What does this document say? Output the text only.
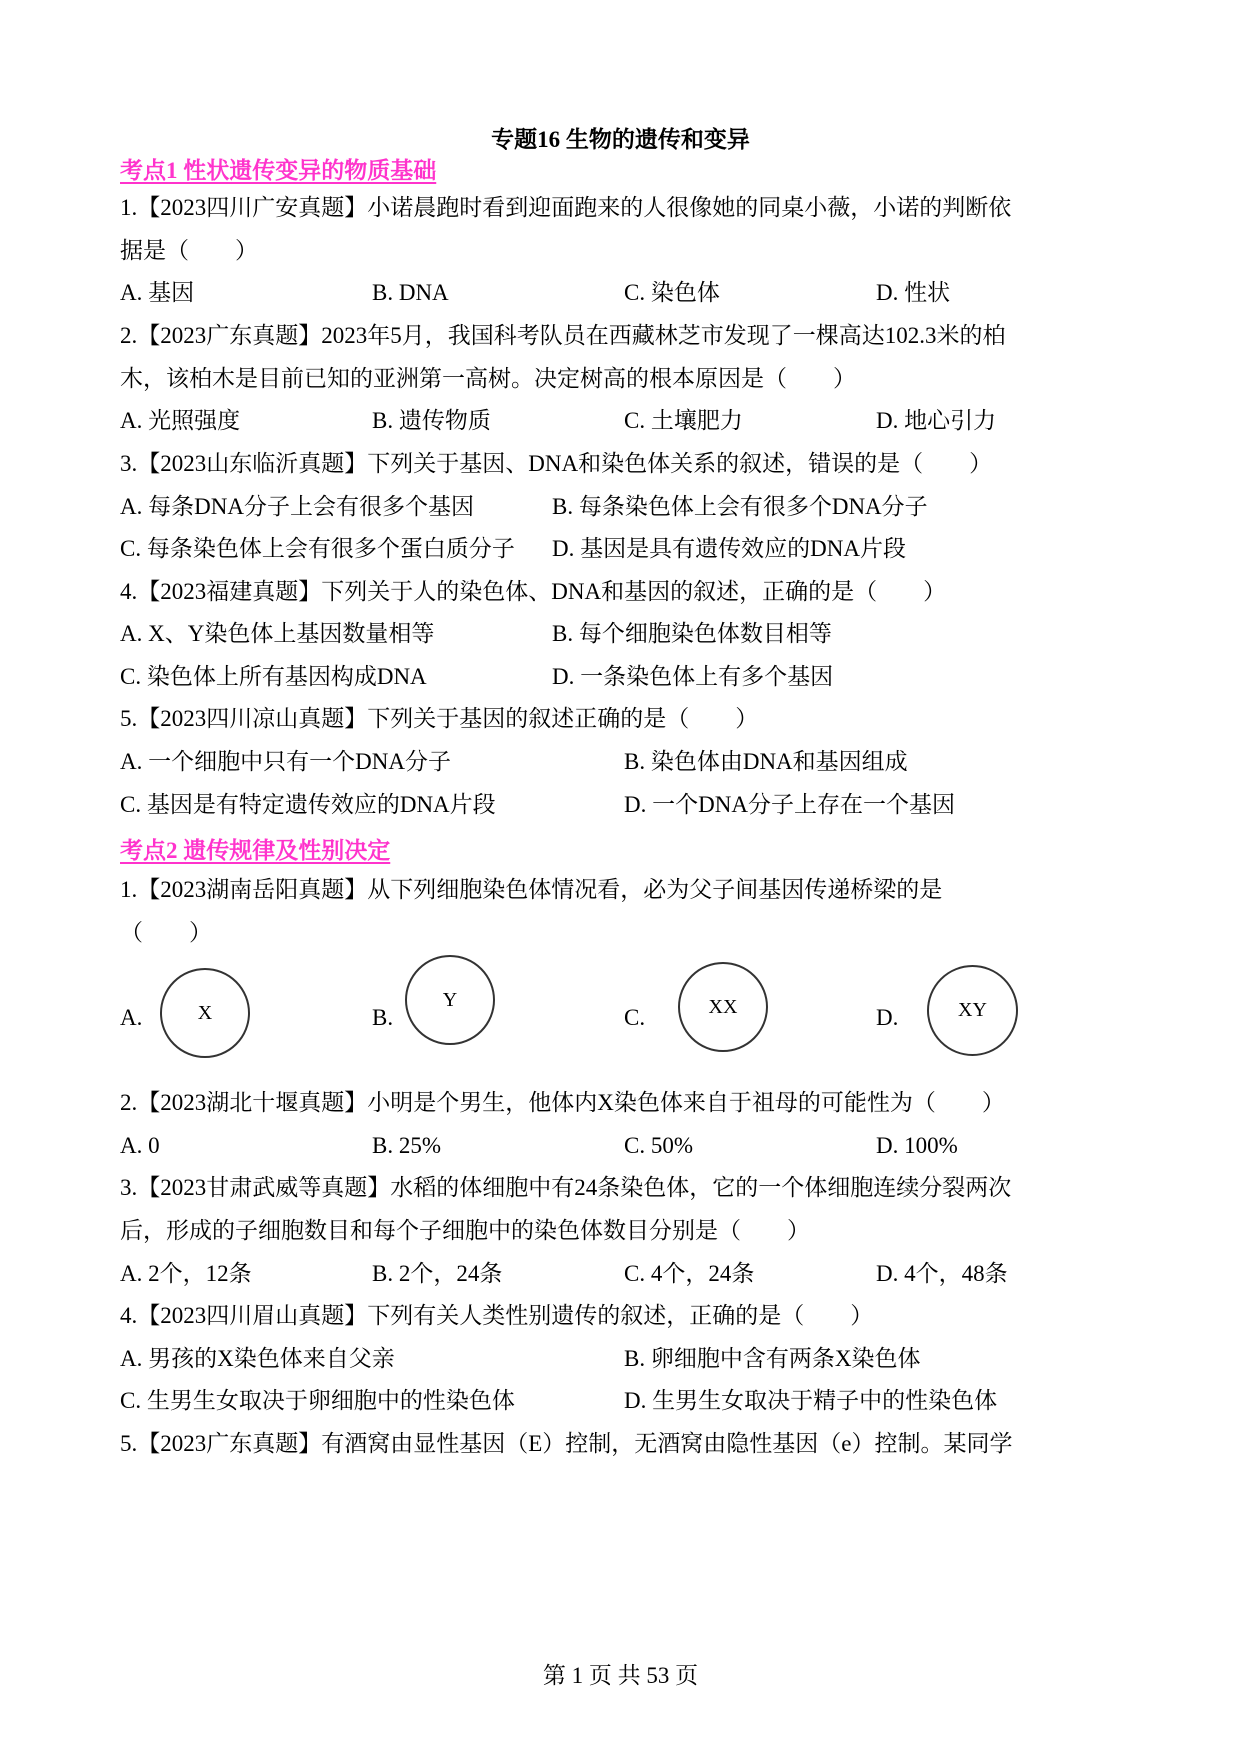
专题16 生物的遗传和变异
考点1 性状遗传变异的物质基础
1.【2023四川广安真题】小诺晨跑时看到迎面跑来的人很像她的同桌小薇，小诺的判断依
据是（　　）
A. 基因	B. DNA	C. 染色体	D. 性状
2.【2023广东真题】2023年5月，我国科考队员在西藏林芝市发现了一棵高达102.3米的柏
木，该柏木是目前已知的亚洲第一高树。决定树高的根本原因是（　　）
A. 光照强度	B. 遗传物质	C. 土壤肥力	D. 地心引力
3.【2023山东临沂真题】下列关于基因、DNA和染色体关系的叙述，错误的是（　　）
A. 每条DNA分子上会有很多个基因	B. 每条染色体上会有很多个DNA分子
C. 每条染色体上会有很多个蛋白质分子 D. 基因是具有遗传效应的DNA片段
4.【2023福建真题】下列关于人的染色体、DNA和基因的叙述，正确的是（　　）
A. X、Y染色体上基因数量相等	B. 每个细胞染色体数目相等
C. 染色体上所有基因构成DNA	D. 一条染色体上有多个基因
5.【2023四川凉山真题】下列关于基因的叙述正确的是（　　）
A. 一个细胞中只有一个DNA分子	B. 染色体由DNA和基因组成
C. 基因是有特定遗传效应的DNA片段	D. 一个DNA分子上存在一个基因
考点2 遗传规律及性别决定
1.【2023湖南岳阳真题】从下列细胞染色体情况看，必为父子间基因传递桥梁的是
（　　）
A.	X	B.
Y
C.	XX	D.	XY
2.【2023湖北十堰真题】小明是个男生，他体内X染色体来自于祖母的可能性为（　　）
A. 0	B. 25%	C. 50%	D. 100%
3.【2023甘肃武威等真题】水稻的体细胞中有24条染色体，它的一个体细胞连续分裂两次
后，形成的子细胞数目和每个子细胞中的染色体数目分别是（　　）
A. 2个，12条	B. 2个，24条	C. 4个，24条	D. 4个，48条
4.【2023四川眉山真题】下列有关人类性别遗传的叙述，正确的是（　　）
A. 男孩的X染色体来自父亲	B. 卵细胞中含有两条X染色体
C. 生男生女取决于卵细胞中的性染色体	D. 生男生女取决于精子中的性染色体
5.【2023广东真题】有酒窝由显性基因（E）控制，无酒窝由隐性基因（e）控制。某同学
第 1 页 共 53 页
